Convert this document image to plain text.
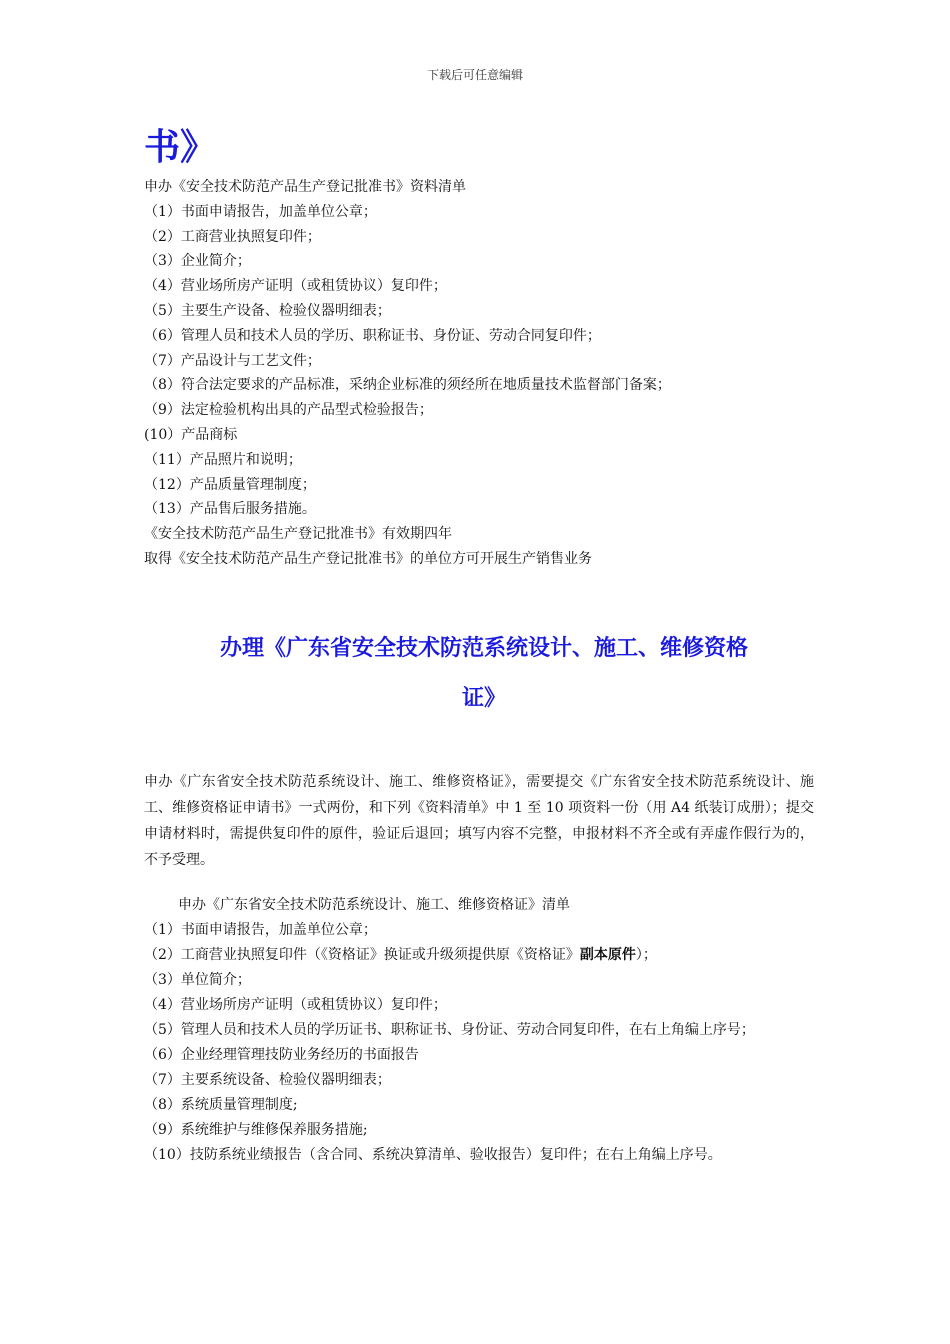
下载后可任意编辑
书》
申办《安全技术防范产品生产登记批准书》资料清单
（1）书面申请报告，加盖单位公章；
（2）工商营业执照复印件；
（3）企业简介；
（4）营业场所房产证明（或租赁协议）复印件；
（5）主要生产设备、检验仪器明细表；
（6）管理人员和技术人员的学历、职称证书、身份证、劳动合同复印件；
（7）产品设计与工艺文件；
（8）符合法定要求的产品标准，采纳企业标准的须经所在地质量技术监督部门备案；
（9）法定检验机构出具的产品型式检验报告；
(10）产品商标
（11）产品照片和说明；
（12）产品质量管理制度；
（13）产品售后服务措施。
《安全技术防范产品生产登记批准书》有效期四年
取得《安全技术防范产品生产登记批准书》的单位方可开展生产销售业务
办理《广东省安全技术防范系统设计、施工、维修资格
证》
申办《广东省安全技术防范系统设计、施工、维修资格证》，需要提交《广东省安全技术防范系统设计、施工、维修资格证申请书》一式两份，和下列《资料清单》中 1 至 10 项资料一份（用 A4 纸装订成册）；提交申请材料时，需提供复印件的原件，验证后退回；填写内容不完整，申报材料不齐全或有弄虚作假行为的，不予受理。
申办《广东省安全技术防范系统设计、施工、维修资格证》清单
（1）书面申请报告，加盖单位公章；
（2）工商营业执照复印件（《资格证》换证或升级须提供原《资格证》副本原件）；
（3）单位简介；
（4）营业场所房产证明（或租赁协议）复印件；
（5）管理人员和技术人员的学历证书、职称证书、身份证、劳动合同复印件，在右上角编上序号；
（6）企业经理管理技防业务经历的书面报告
（7）主要系统设备、检验仪器明细表；
（8）系统质量管理制度;
（9）系统维护与维修保养服务措施;
（10）技防系统业绩报告（含合同、系统决算清单、验收报告）复印件；在右上角编上序号。
